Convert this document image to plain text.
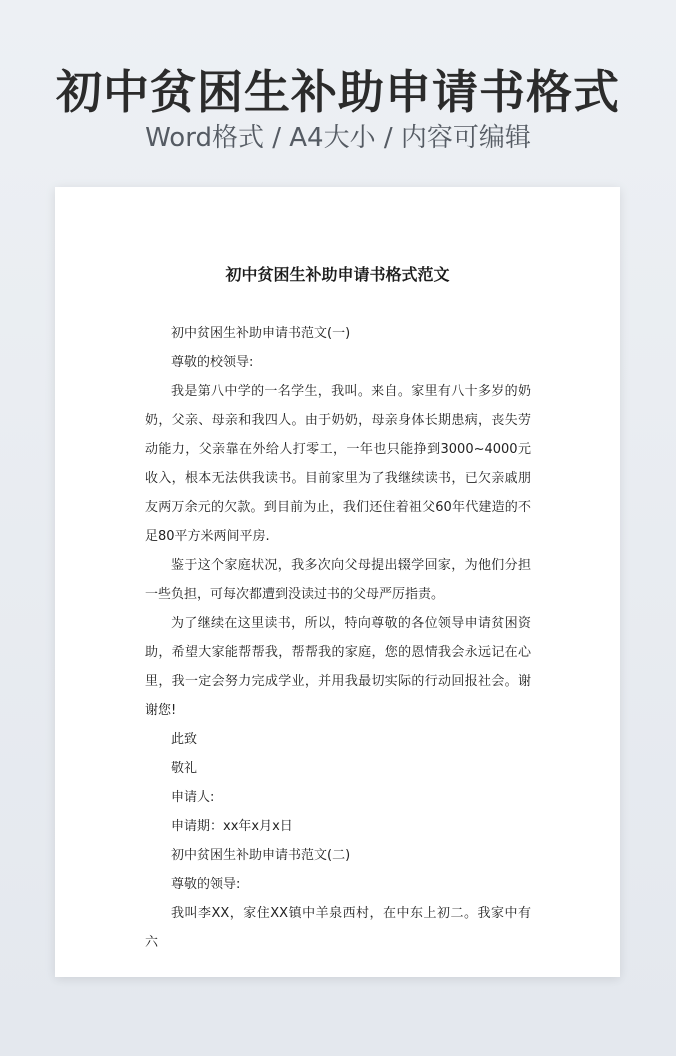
初中贫困生补助申请书格式
Word格式 / A4大小 / 内容可编辑
初中贫困生补助申请书格式范文

初中贫困生补助申请书范文(一)

尊敬的校领导:

我是第八中学的一名学生，我叫。来自。家里有八十多岁的奶奶，父亲、母亲和我四人。由于奶奶，母亲身体长期患病，丧失劳动能力，父亲靠在外给人打零工，一年也只能挣到3000~4000元收入，根本无法供我读书。目前家里为了我继续读书，已欠亲戚朋友两万余元的欠款。到目前为止，我们还住着祖父60年代建造的不足80平方米两间平房.

鉴于这个家庭状况，我多次向父母提出辍学回家，为他们分担一些负担，可每次都遭到没读过书的父母严厉指责。

为了继续在这里读书，所以，特向尊敬的各位领导申请贫困资助，希望大家能帮帮我，帮帮我的家庭，您的恩情我会永远记在心里，我一定会努力完成学业，并用我最切实际的行动回报社会。谢谢您!

此致

敬礼

申请人:

申请期：xx年x月x日

初中贫困生补助申请书范文(二)

尊敬的领导:

我叫李XX，家住XX镇中羊泉西村，在中东上初二。我家中有六
